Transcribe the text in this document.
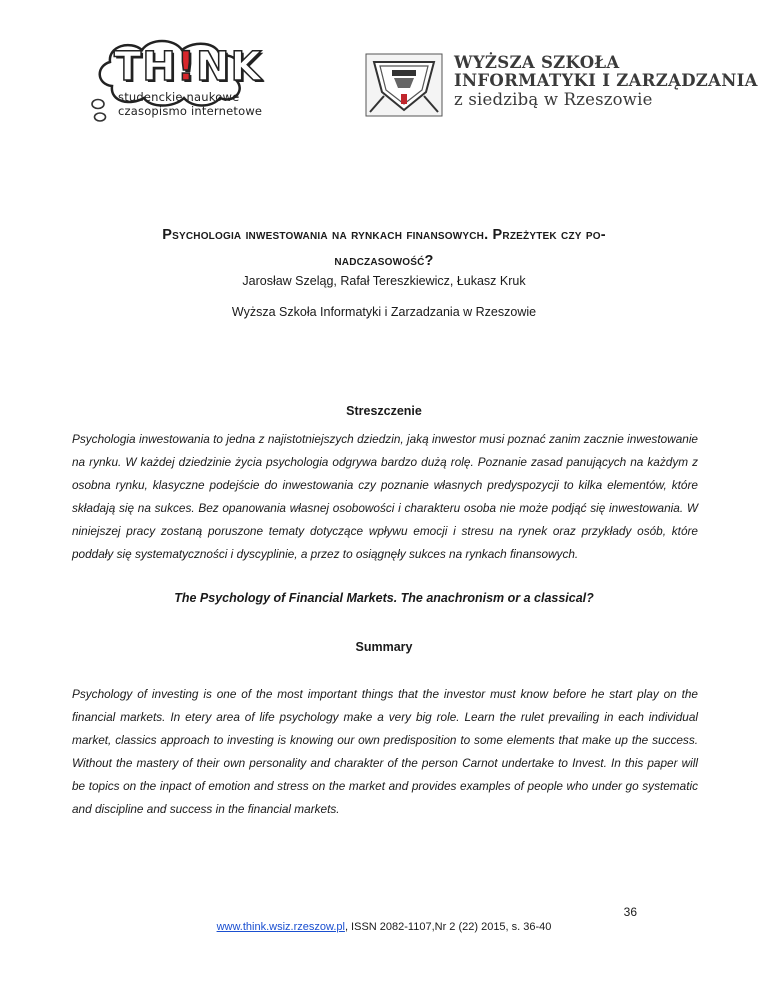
TH!NK
studenckie naukowe
czasopismo internetowe
WYŻSZA SZKOŁA
INFORMATYKI I ZARZĄDZANIA
z siedzibą w Rzeszowie
Psychologia inwestowania na rynkach finansowych. Przeżytek czy po-
nadczasowość?
Jarosław Szeląg, Rafał Tereszkiewicz, Łukasz Kruk
Wyższa Szkoła Informatyki i Zarzadzania w Rzeszowie
Streszczenie

Psychologia inwestowania to jedna z najistotniejszych dziedzin, jaką inwestor musi poznać zanim zacznie inwestowanie na rynku. W każdej dziedzinie życia psychologia odgrywa bardzo dużą rolę. Poznanie zasad panujących na każdym z osobna rynku, klasyczne podejście do inwestowania czy poznanie własnych predyspozycji to kilka elementów, które składają się na sukces. Bez opanowania własnej osobowości i charakteru osoba nie może podjąć się inwestowania. W niniejszej pracy zostaną poruszone tematy dotyczące wpływu emocji i stresu na rynek oraz przykłady osób, które poddały się systematyczności i dyscyplinie, a przez to osiągnęły sukces na rynkach finansowych.

The Psychology of Financial Markets. The anachronism or a classical?
Summary

Psychology of investing is one of the most important things that the investor must know before he start play on the financial markets. In etery area of life psychology make a very big role. Learn the rulet prevailing in each individual market, classics approach to investing is knowing our own predisposition to some elements that make up the success. Without the mastery of their own personality and charakter of the person Carnot undertake to Invest. In this paper will be topics on the inpact of emotion and stress on the market and provides examples of people who under go systematic and discipline and success in the financial markets.

36
www.think.wsiz.rzeszow.pl, ISSN 2082-1107,Nr 2 (22) 2015, s. 36-40
